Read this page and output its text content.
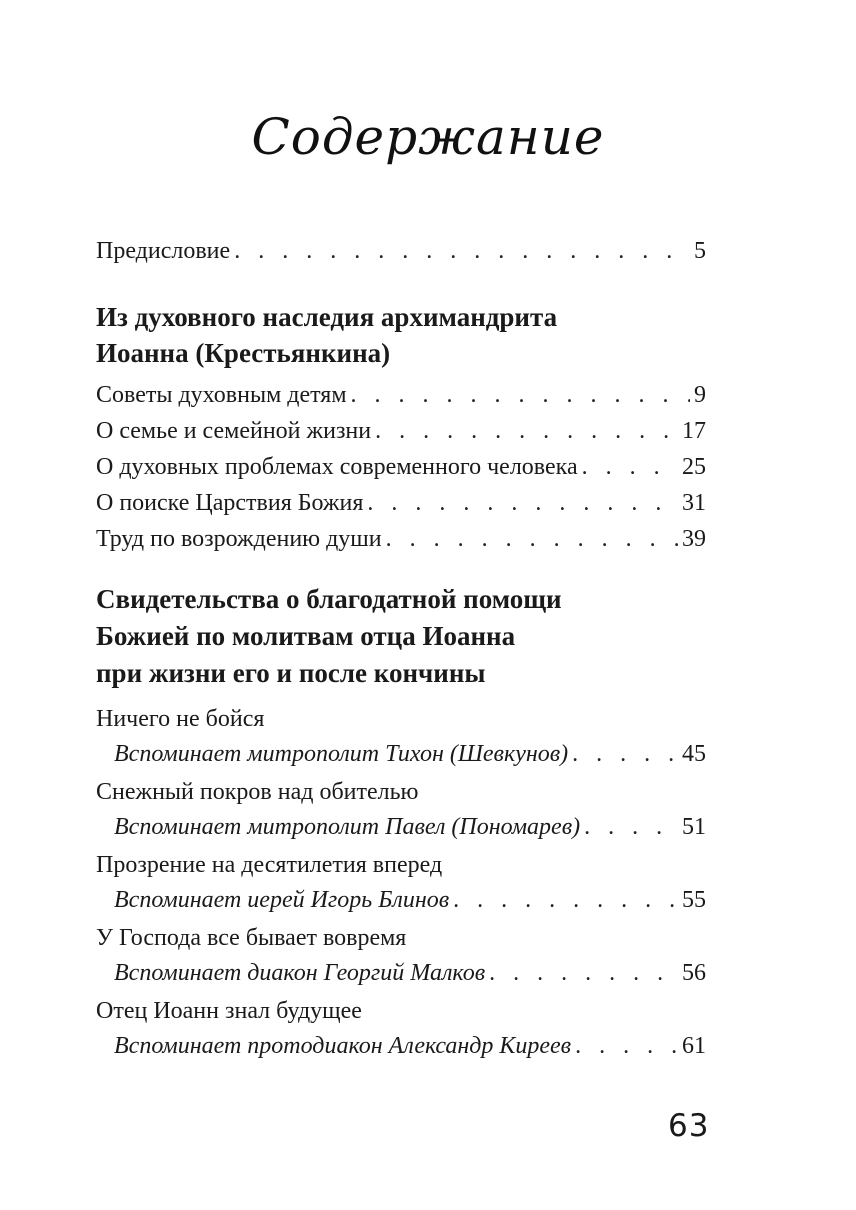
Содержание
Предисловие . . .	5
Из духовного наследия архимандрита
Иоанна (Крестьянкина)
Советы духовным детям . . .	9
О семье и семейной жизни . . .	17
О духовных проблемах современного человека . . .	25
О поиске Царствия Божия . . .	31
Труд по возрождению души . . .	39
Свидетельства о благодатной помощи
Божией по молитвам отца Иоанна
при жизни его и после кончины
Ничего не бойся
Вспоминает митрополит Тихон (Шевкунов) . . .	45
Снежный покров над обителью
Вспоминает митрополит Павел (Пономарев) . . .	51
Прозрение на десятилетия вперед
Вспоминает иерей Игорь Блинов . . .	55
У Господа все бывает вовремя
Вспоминает диакон Георгий Малков . . .	56
Отец Иоанн знал будущее
Вспоминает протодиакон Александр Киреев . . .	61
63
